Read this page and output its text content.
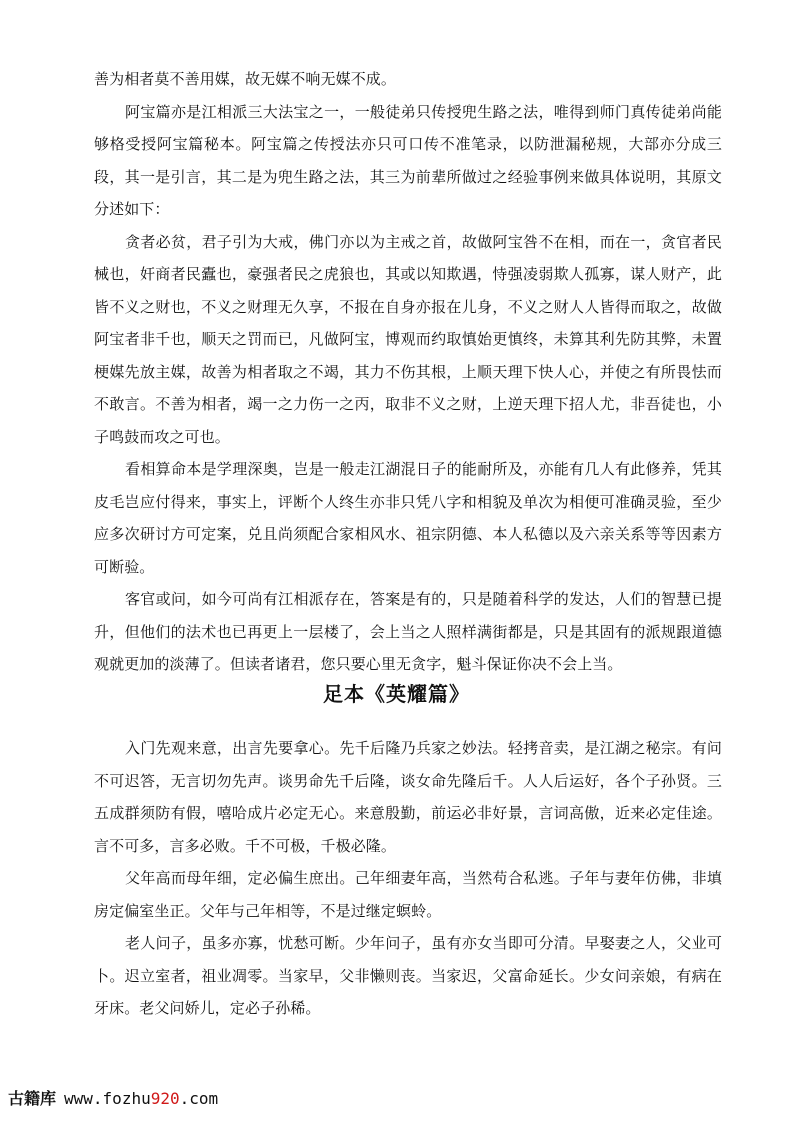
善为相者莫不善用媒，故无媒不响无媒不成。

阿宝篇亦是江相派三大法宝之一，一般徒弟只传授兜生路之法，唯得到师门真传徒弟尚能够格受授阿宝篇秘本。阿宝篇之传授法亦只可口传不准笔录，以防泄漏秘规，大部亦分成三段，其一是引言，其二是为兜生路之法，其三为前辈所做过之经验事例来做具体说明，其原文分述如下：

贪者必贫，君子引为大戒，佛门亦以为主戒之首，故做阿宝咎不在相，而在一，贪官者民械也，奸商者民蠹也，豪强者民之虎狼也，其或以知欺遇，恃强凌弱欺人孤寡，谋人财产，此皆不义之财也，不义之财理无久享，不报在自身亦报在儿身，不义之财人人皆得而取之，故做阿宝者非千也，顺天之罚而已，凡做阿宝，博观而约取慎始更慎终，未算其利先防其弊，未置梗媒先放主媒，故善为相者取之不竭，其力不伤其根，上顺天理下快人心，并使之有所畏怯而不敢言。不善为相者，竭一之力伤一之丙，取非不义之财，上逆天理下招人尤，非吾徒也，小子鸣鼓而攻之可也。

看相算命本是学理深奥，岂是一般走江湖混日子的能耐所及，亦能有几人有此修养，凭其皮毛岂应付得来，事实上，评断个人终生亦非只凭八字和相貌及单次为相便可准确灵验，至少应多次研讨方可定案，兑且尚须配合家相风水、祖宗阴德、本人私德以及六亲关系等等因素方可断验。

客官或问，如今可尚有江相派存在，答案是有的，只是随着科学的发达，人们的智慧已提升，但他们的法术也已再更上一层楼了，会上当之人照样满街都是，只是其固有的派规跟道德观就更加的淡薄了。但读者诸君，您只要心里无贪字，魁斗保证你决不会上当。

足本《英耀篇》

入门先观来意，出言先要拿心。先千后隆乃兵家之妙法。轻拷音卖，是江湖之秘宗。有问不可迟答，无言切勿先声。谈男命先千后隆，谈女命先隆后千。人人后运好，各个子孙贤。三五成群须防有假，嘻哈成片必定无心。来意殷勤，前运必非好景，言词高傲，近来必定佳途。言不可多，言多必败。千不可极，千极必隆。

父年高而母年细，定必偏生庶出。己年细妻年高，当然苟合私逃。子年与妻年仿佛，非填房定偏室坐正。父年与己年相等，不是过继定螟蛉。

老人问子，虽多亦寡，忧愁可断。少年问子，虽有亦女当即可分清。早娶妻之人，父业可卜。迟立室者，祖业凋零。当家早，父非懒则丧。当家迟，父富命延长。少女问亲娘，有病在牙床。老父问娇儿，定必子孙稀。

古籍库 www.fozhu920.com
